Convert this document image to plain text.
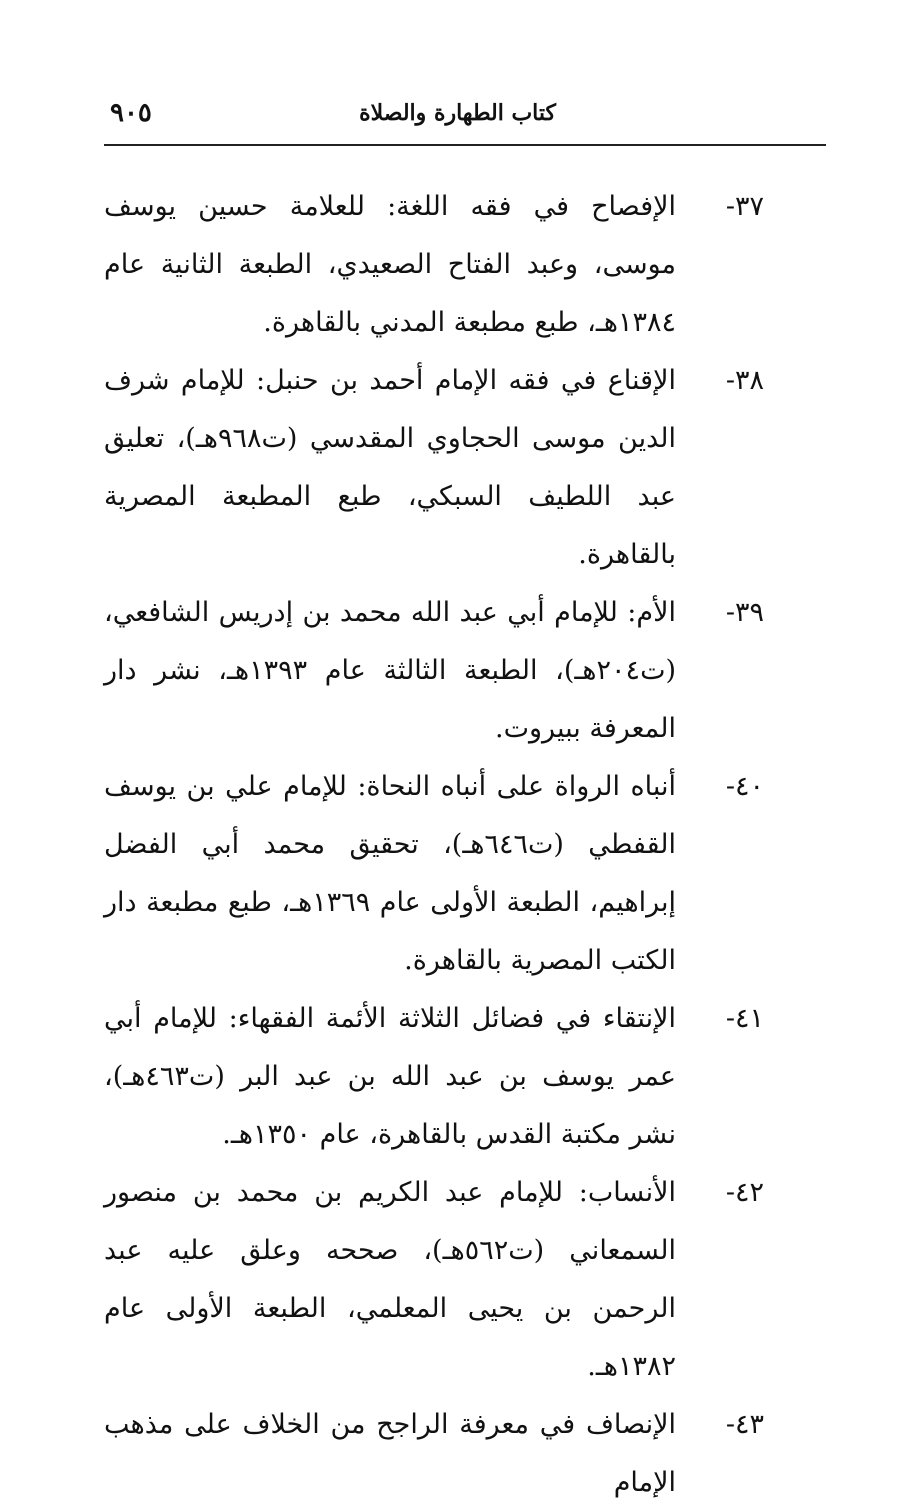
كتاب الطهارة والصلاة
٩٠٥
٣٧-
الإفصاح في فقه اللغة: للعلامة حسين يوسف موسى، وعبد الفتاح الصعيدي، الطبعة الثانية عام ١٣٨٤هـ، طبع مطبعة المدني بالقاهرة.
٣٨-
الإقناع في فقه الإمام أحمد بن حنبل: للإمام شرف الدين موسى الحجاوي المقدسي (ت٩٦٨هـ)، تعليق عبد اللطيف السبكي، طبع المطبعة المصرية بالقاهرة.
٣٩-
الأم: للإمام أبي عبد الله محمد بن إدريس الشافعي، (ت٢٠٤هـ)، الطبعة الثالثة عام ١٣٩٣هـ، نشر دار المعرفة ببيروت.
٤٠-
أنباه الرواة على أنباه النحاة: للإمام علي بن يوسف القفطي (ت٦٤٦هـ)، تحقيق محمد أبي الفضل إبراهيم، الطبعة الأولى عام ١٣٦٩هـ، طبع مطبعة دار الكتب المصرية بالقاهرة.
٤١-
الإنتقاء في فضائل الثلاثة الأئمة الفقهاء: للإمام أبي عمر يوسف بن عبد الله بن عبد البر (ت٤٦٣هـ)، نشر مكتبة القدس بالقاهرة، عام ١٣٥٠هـ.
٤٢-
الأنساب: للإمام عبد الكريم بن محمد بن منصور السمعاني (ت٥٦٢هـ)، صححه وعلق عليه عبد الرحمن بن يحيى المعلمي، الطبعة الأولى عام ١٣٨٢هـ.
٤٣-
الإنصاف في معرفة الراجح من الخلاف على مذهب الإمام
